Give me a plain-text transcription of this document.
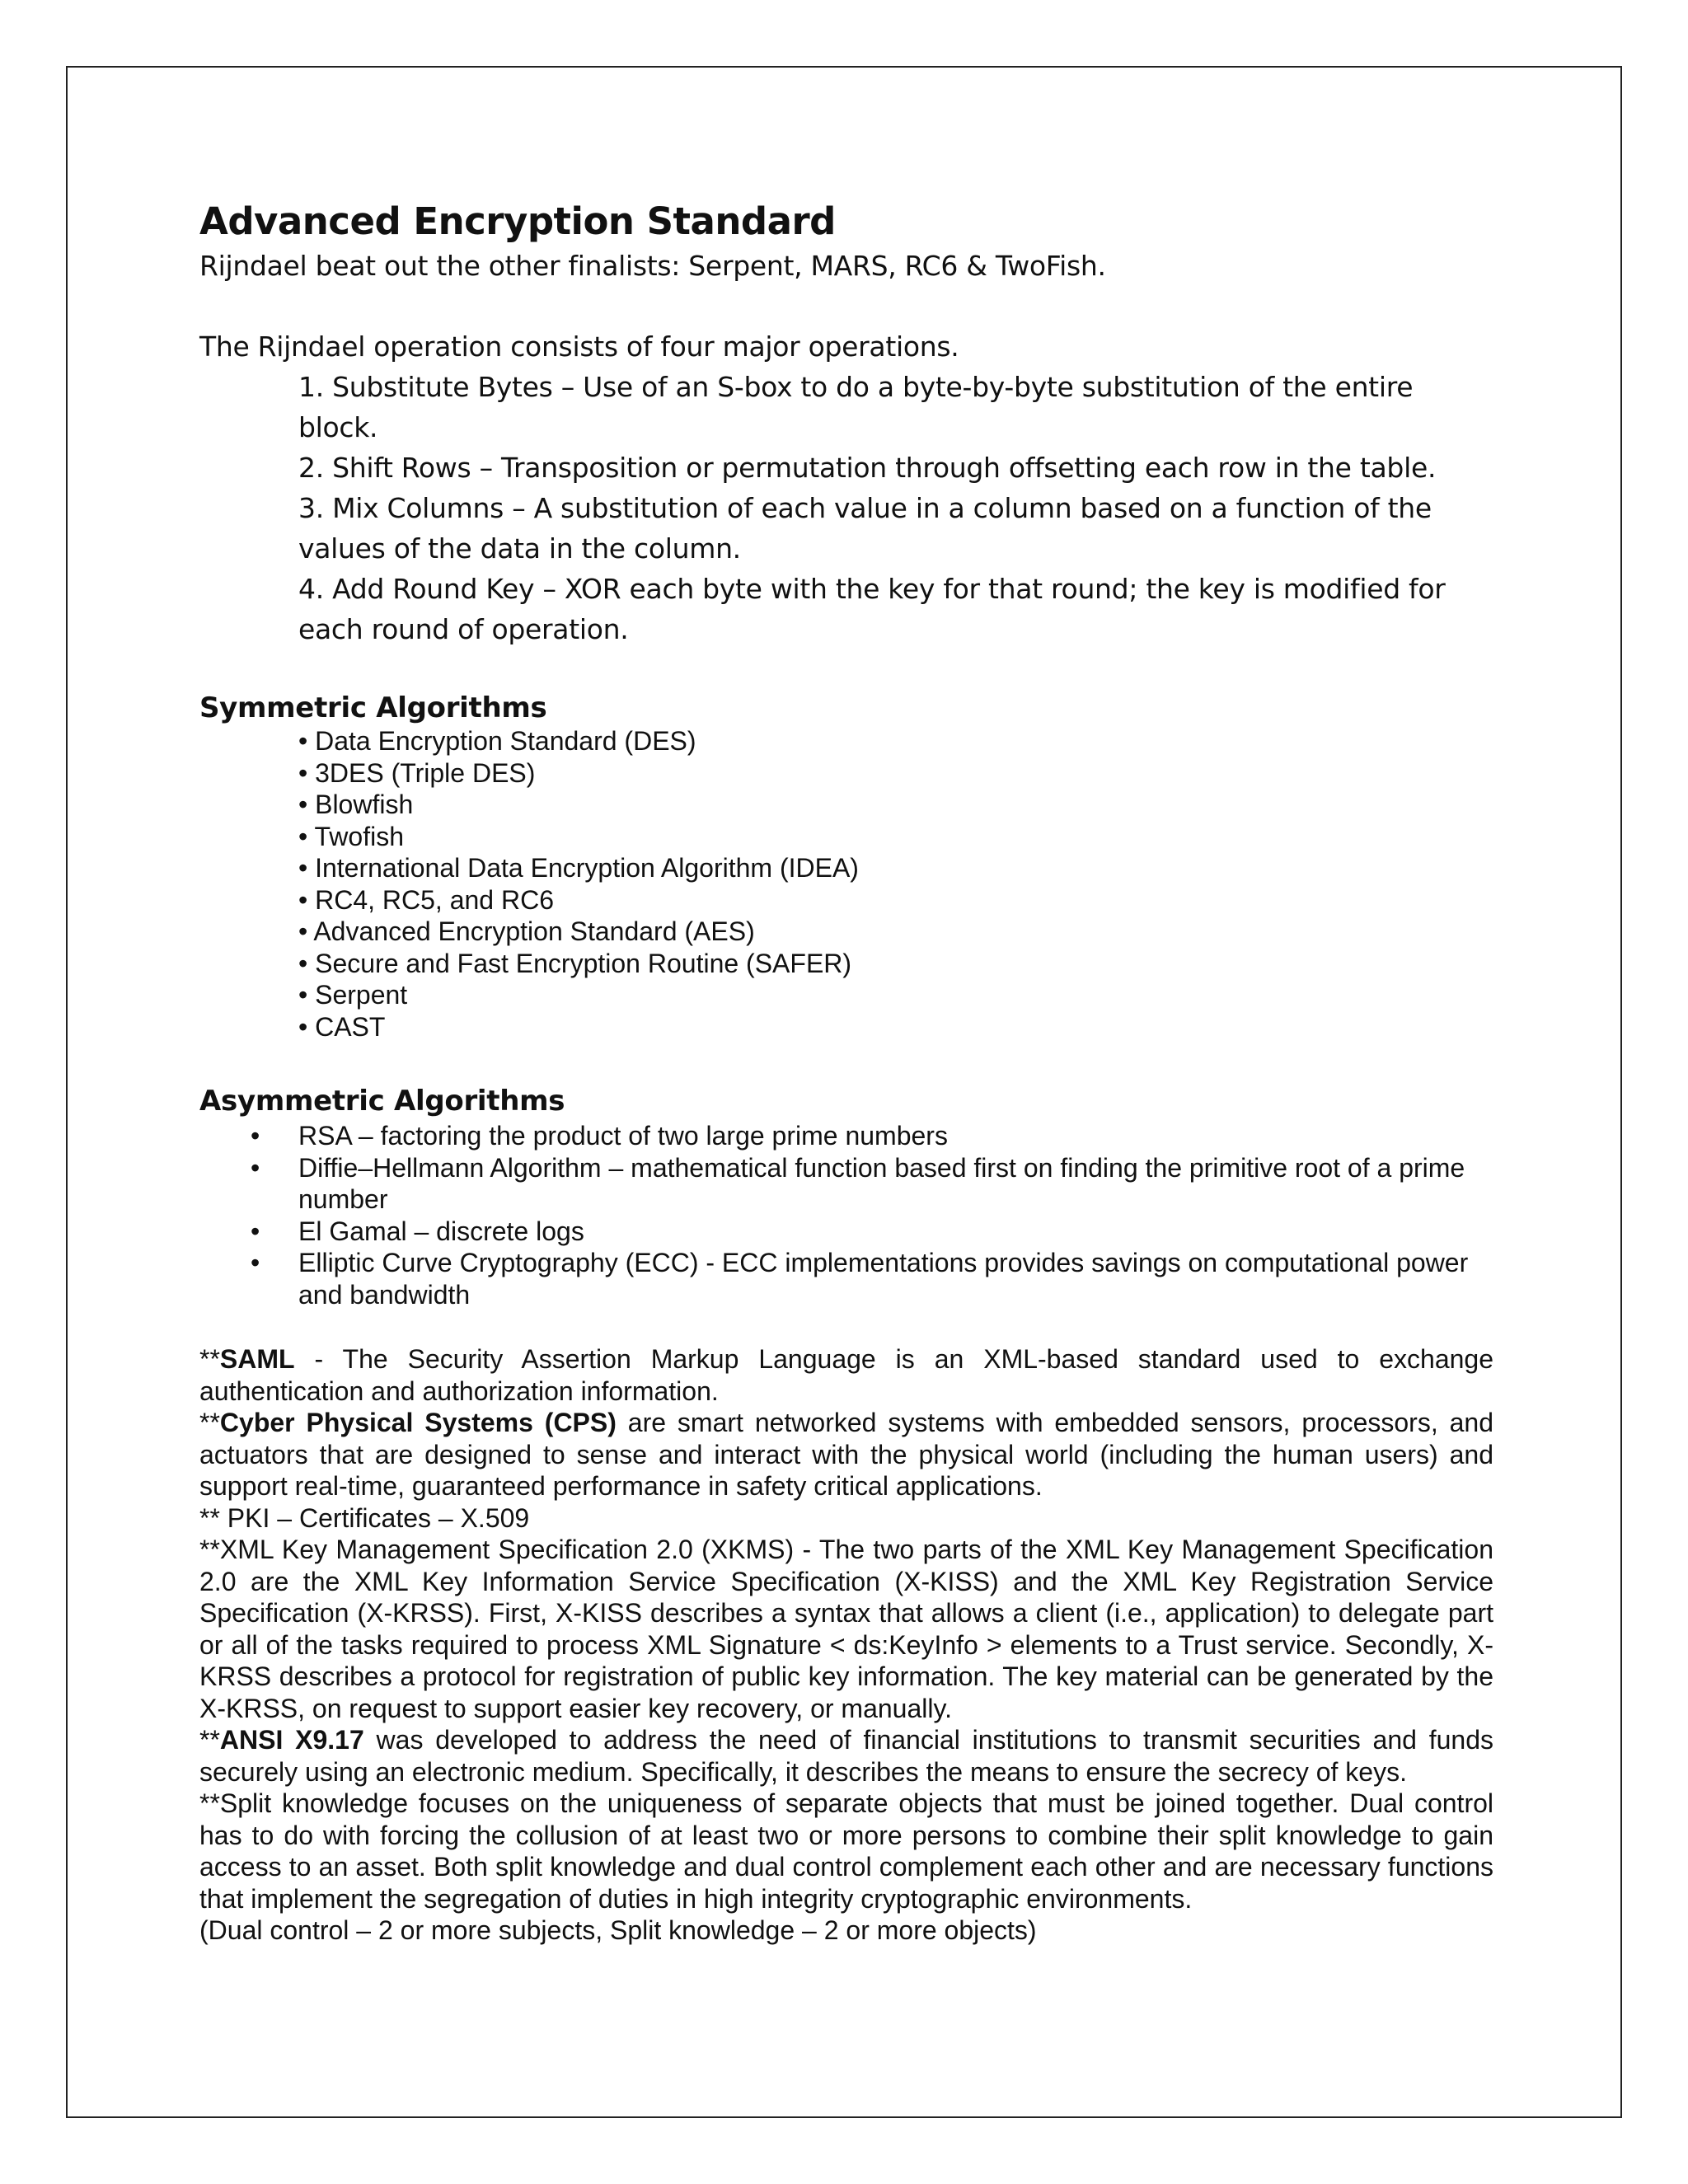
Advanced Encryption Standard

Rijndael beat out the other finalists: Serpent, MARS, RC6 & TwoFish.

The Rijndael operation consists of four major operations.

1. Substitute Bytes – Use of an S-box to do a byte-by-byte substitution of the entire block.

2. Shift Rows – Transposition or permutation through offsetting each row in the table.

3. Mix Columns – A substitution of each value in a column based on a function of the values of the data in the column.

4. Add Round Key – XOR each byte with the key for that round; the key is modified for each round of operation.

Symmetric Algorithms
• Data Encryption Standard (DES)
• 3DES (Triple DES)
• Blowfish
• Twofish
• International Data Encryption Algorithm (IDEA)
• RC4, RC5, and RC6
• Advanced Encryption Standard (AES)
• Secure and Fast Encryption Routine (SAFER)
• Serpent
• CAST
Asymmetric Algorithms
• RSA – factoring the product of two large prime numbers
• Diffie–Hellmann Algorithm – mathematical function based first on finding the primitive root of a prime number
• El Gamal – discrete logs
• Elliptic Curve Cryptography (ECC) - ECC implementations provides savings on computational power and bandwidth

**SAML - The Security Assertion Markup Language is an XML-based standard used to exchange authentication and authorization information.

**Cyber Physical Systems (CPS) are smart networked systems with embedded sensors, processors, and actuators that are designed to sense and interact with the physical world (including the human users) and support real-time, guaranteed performance in safety critical applications.

** PKI – Certificates – X.509

**XML Key Management Specification 2.0 (XKMS) - The two parts of the XML Key Management Specification 2.0 are the XML Key Information Service Specification (X-KISS) and the XML Key Registration Service Specification (X-KRSS). First, X-KISS describes a syntax that allows a client (i.e., application) to delegate part or all of the tasks required to process XML Signature < ds:KeyInfo > elements to a Trust service. Secondly, X-KRSS describes a protocol for registration of public key information. The key material can be generated by the X-KRSS, on request to support easier key recovery, or manually.

**ANSI X9.17 was developed to address the need of financial institutions to transmit securities and funds securely using an electronic medium. Specifically, it describes the means to ensure the secrecy of keys.

**Split knowledge focuses on the uniqueness of separate objects that must be joined together. Dual control has to do with forcing the collusion of at least two or more persons to combine their split knowledge to gain access to an asset. Both split knowledge and dual control complement each other and are necessary functions that implement the segregation of duties in high integrity cryptographic environments.

(Dual control – 2 or more subjects, Split knowledge – 2 or more objects)
